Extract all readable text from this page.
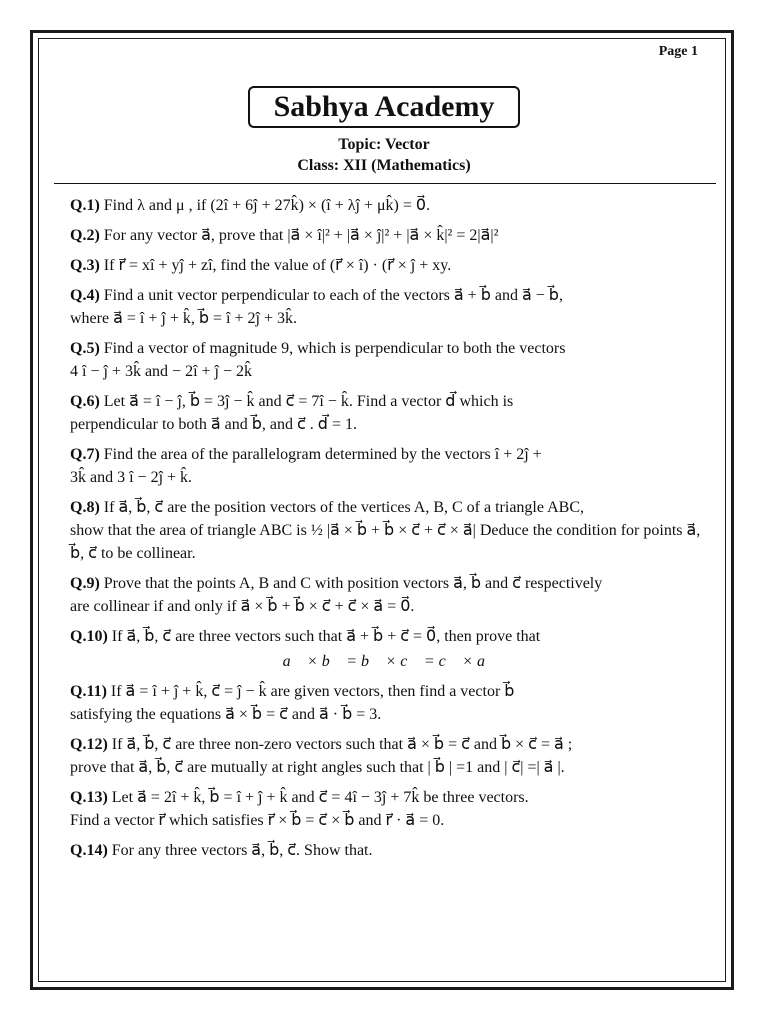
Page 1
Sabhya Academy
Topic: Vector
Class: XII (Mathematics)
Q.1) Find λ and μ , if (2î + 6ĵ + 27k̂) × (î + λĵ + μk̂) = 0⃗.
Q.2) For any vector a⃗, prove that |a⃗ × î|² + |a⃗ × ĵ|² + |a⃗ × k̂|² = 2|a⃗|²
Q.3) If r⃗ = xî + yĵ + zî, find the value of (r⃗ × î) · (r⃗ × ĵ + xy.
Q.4) Find a unit vector perpendicular to each of the vectors a⃗ + b⃗ and a⃗ − b⃗,
where a⃗ = î + ĵ + k̂, b⃗ = î + 2ĵ + 3k̂.
Q.5) Find a vector of magnitude 9, which is perpendicular to both the vectors
4 î − ĵ + 3k̂ and − 2î + ĵ − 2k̂
Q.6) Let a⃗ = î − ĵ, b⃗ = 3ĵ − k̂ and c⃗ = 7î − k̂. Find a vector d⃗ which is
perpendicular to both a⃗ and b⃗, and c⃗ . d⃗ = 1.
Q.7) Find the area of the parallelogram determined by the vectors î + 2ĵ +
3k̂ and 3 î − 2ĵ + k̂.
Q.8) If a⃗, b⃗, c⃗ are the position vectors of the vertices A, B, C of a triangle ABC,
show that the area of triangle ABC is ½ |a⃗ × b⃗ + b⃗ × c⃗ + c⃗ × a⃗| Deduce the condition for points a⃗, b⃗, c⃗ to be collinear.
Q.9) Prove that the points A, B and C with position vectors a⃗, b⃗ and c⃗ respectively
are collinear if and only if a⃗ × b⃗ + b⃗ × c⃗ + c⃗ × a⃗ = 0⃗.
Q.10) If a⃗, b⃗, c⃗ are three vectors such that a⃗ + b⃗ + c⃗ = 0⃗, then prove that
a⃗ × b⃗ = b⃗ × c⃗ = c⃗ × a⃗
Q.11) If a⃗ = î + ĵ + k̂, c⃗ = ĵ − k̂ are given vectors, then find a vector b⃗
satisfying the equations a⃗ × b⃗ = c⃗ and a⃗ · b⃗ = 3.
Q.12) If a⃗, b⃗, c⃗ are three non-zero vectors such that a⃗ × b⃗ = c⃗ and b⃗ × c⃗ = a⃗ ;
prove that a⃗, b⃗, c⃗ are mutually at right angles such that | b⃗ | =1 and | c⃗| =| a⃗ |.
Q.13) Let a⃗ = 2î + k̂, b⃗ = î + ĵ + k̂ and c⃗ = 4î − 3ĵ + 7k̂ be three vectors.
Find a vector r⃗ which satisfies r⃗ × b⃗ = c⃗ × b⃗ and r⃗ · a⃗ = 0.
Q.14) For any three vectors a⃗, b⃗, c⃗. Show that.
